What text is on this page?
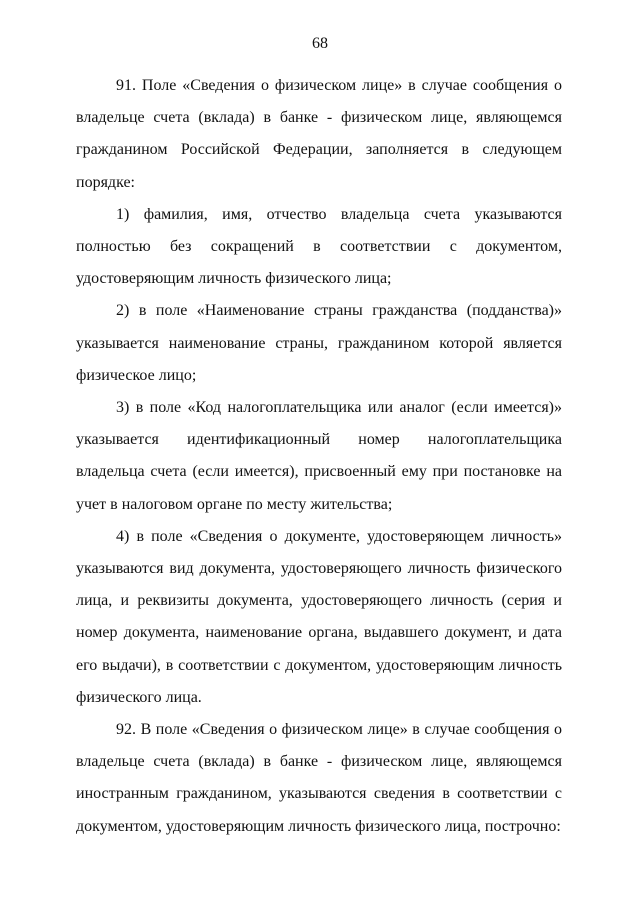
68

91. Поле «Сведения о физическом лице» в случае сообщения о владельце счета (вклада) в банке - физическом лице, являющемся гражданином Российской Федерации, заполняется в следующем порядке:

1) фамилия, имя, отчество владельца счета указываются полностью без сокращений в соответствии с документом, удостоверяющим личность физического лица;

2) в поле «Наименование страны гражданства (подданства)» указывается наименование страны, гражданином которой является физическое лицо;

3) в поле «Код налогоплательщика или аналог (если имеется)» указывается идентификационный номер налогоплательщика владельца счета (если имеется), присвоенный ему при постановке на учет в налоговом органе по месту жительства;

4) в поле «Сведения о документе, удостоверяющем личность» указываются вид документа, удостоверяющего личность физического лица, и реквизиты документа, удостоверяющего личность (серия и номер документа, наименование органа, выдавшего документ, и дата его выдачи), в соответствии с документом, удостоверяющим личность физического лица.

92. В поле «Сведения о физическом лице» в случае сообщения о владельце счета (вклада) в банке - физическом лице, являющемся иностранным гражданином, указываются сведения в соответствии с документом, удостоверяющим личность физического лица, построчно:
